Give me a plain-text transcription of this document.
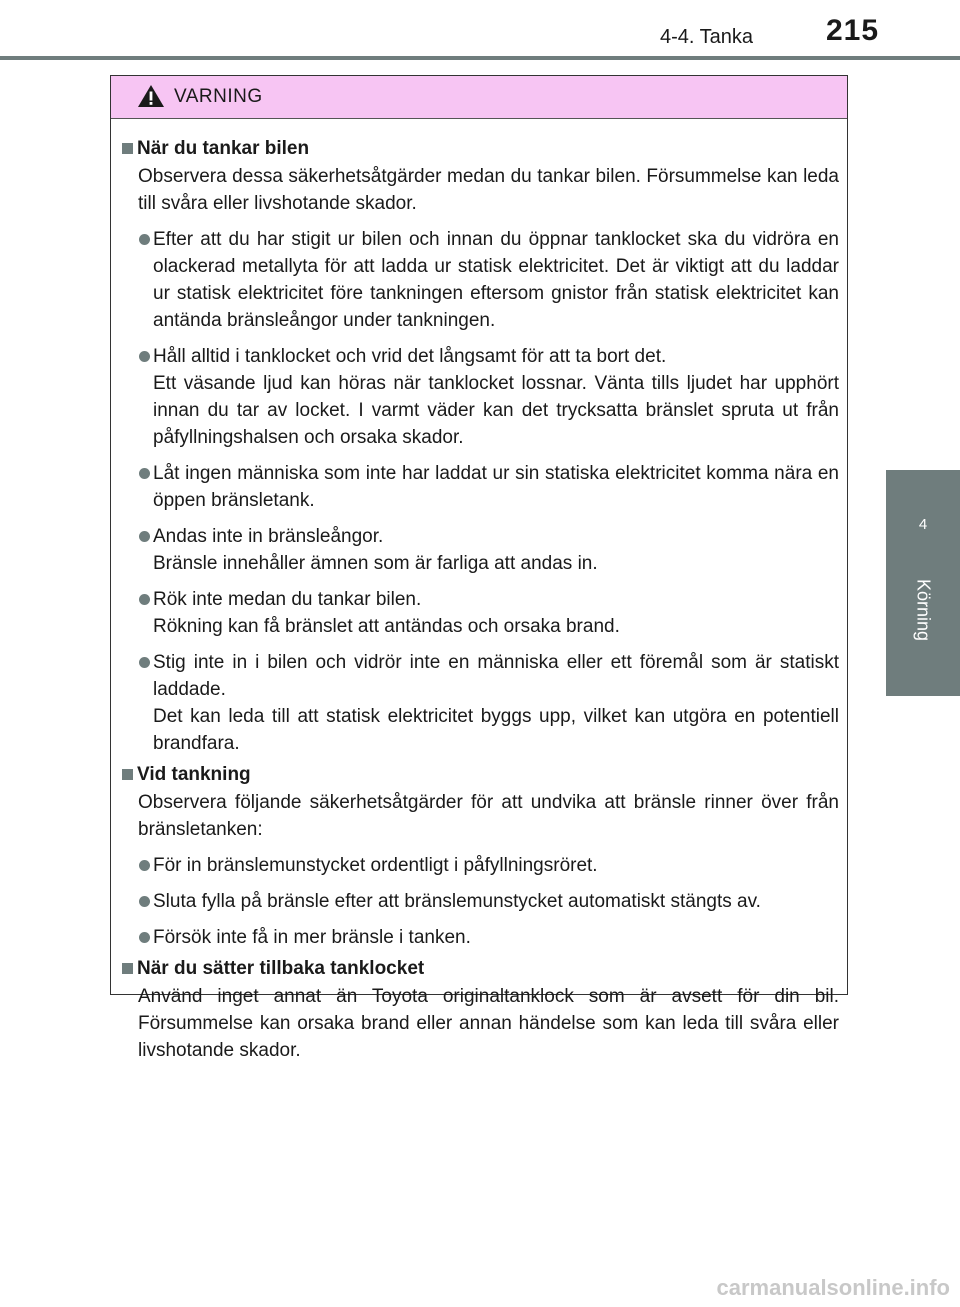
4-4. Tanka 215
4
Körning
VARNING
När du tankar bilen
Observera dessa säkerhetsåtgärder medan du tankar bilen. Försummelse kan leda till svåra eller livshotande skador.
Efter att du har stigit ur bilen och innan du öppnar tanklocket ska du vidröra en olackerad metallyta för att ladda ur statisk elektricitet. Det är viktigt att du laddar ur statisk elektricitet före tankningen eftersom gnistor från statisk elektricitet kan antända bränsleångor under tankningen.
Håll alltid i tanklocket och vrid det långsamt för att ta bort det.
Ett väsande ljud kan höras när tanklocket lossnar. Vänta tills ljudet har upphört innan du tar av locket. I varmt väder kan det trycksatta bränslet spruta ut från påfyllningshalsen och orsaka skador.
Låt ingen människa som inte har laddat ur sin statiska elektricitet komma nära en öppen bränsletank.
Andas inte in bränsleångor.
Bränsle innehåller ämnen som är farliga att andas in.
Rök inte medan du tankar bilen.
Rökning kan få bränslet att antändas och orsaka brand.
Stig inte in i bilen och vidrör inte en människa eller ett föremål som är statiskt laddade.
Det kan leda till att statisk elektricitet byggs upp, vilket kan utgöra en potentiell brandfara.
Vid tankning
Observera följande säkerhetsåtgärder för att undvika att bränsle rinner över från bränsletanken:
För in bränslemunstycket ordentligt i påfyllningsröret.
Sluta fylla på bränsle efter att bränslemunstycket automatiskt stängts av.
Försök inte få in mer bränsle i tanken.
När du sätter tillbaka tanklocket
Använd inget annat än Toyota originaltanklock som är avsett för din bil. Försummelse kan orsaka brand eller annan händelse som kan leda till svåra eller livshotande skador.
carmanualsonline.info
